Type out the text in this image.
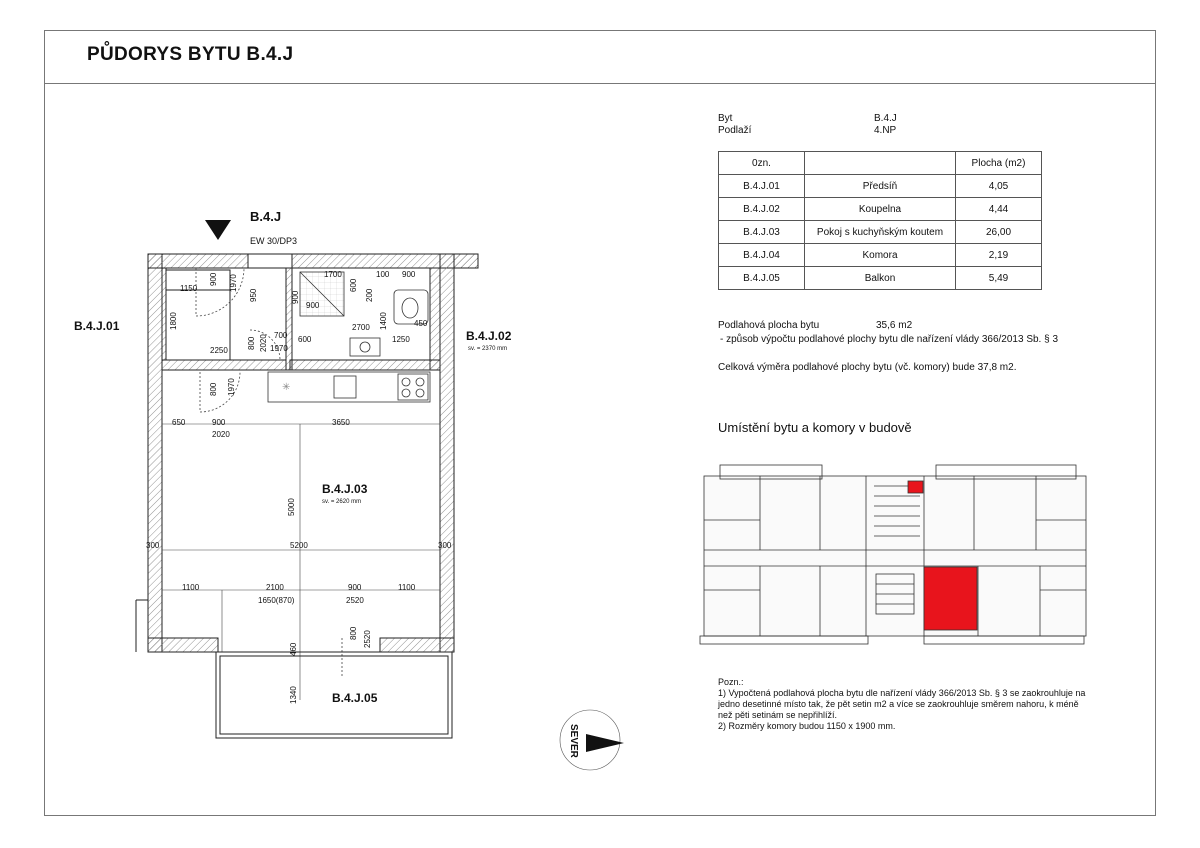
PŮDORYS BYTU B.4.J
Byt	B.4.J
Podlaží	4.NP
0zn.		Plocha (m2)
B.4.J.01	Předsíň	4,05
B.4.J.02	Koupelna	4,44
B.4.J.03	Pokoj s kuchyňským koutem	26,00
B.4.J.04	Komora	2,19
B.4.J.05	Balkon	5,49
Podlahová plocha bytu	35,6 m2
- způsob výpočtu podlahové plochy bytu dle nařízení vlády 366/2013 Sb. § 3
Celková výměra podlahové plochy bytu (vč. komory) bude 37,8 m2.
Umístění bytu a komory v budově
Pozn.:
1) Vypočtená podlahová plocha bytu dle nařízení vlády 366/2013 Sb. § 3 se zaokrouhluje na
jedno desetinné místo tak, že pět setin m2 a více se zaokrouhluje směrem nahoru, k méně
než pěti setinám se nepřihlíží.
2) Rozměry komory budou 1150 x 1900 mm.
✳
B.4.J
EW 30/DP3
B.4.J.01
B.4.J.02
sv. = 2370 mm
B.4.J.03
sv. = 2620 mm
B.4.J.05
1700	100 900
900 1970
1150
950	900
900
600
200
1800	2700 1400	450
800 2020 700 600	1250
2250	1970
800 1970
650	900	3650
2020
5000
300	5200	300
1100	2100	900	1100
1650(870)	2520
800 2520
460
1340
SEVER
